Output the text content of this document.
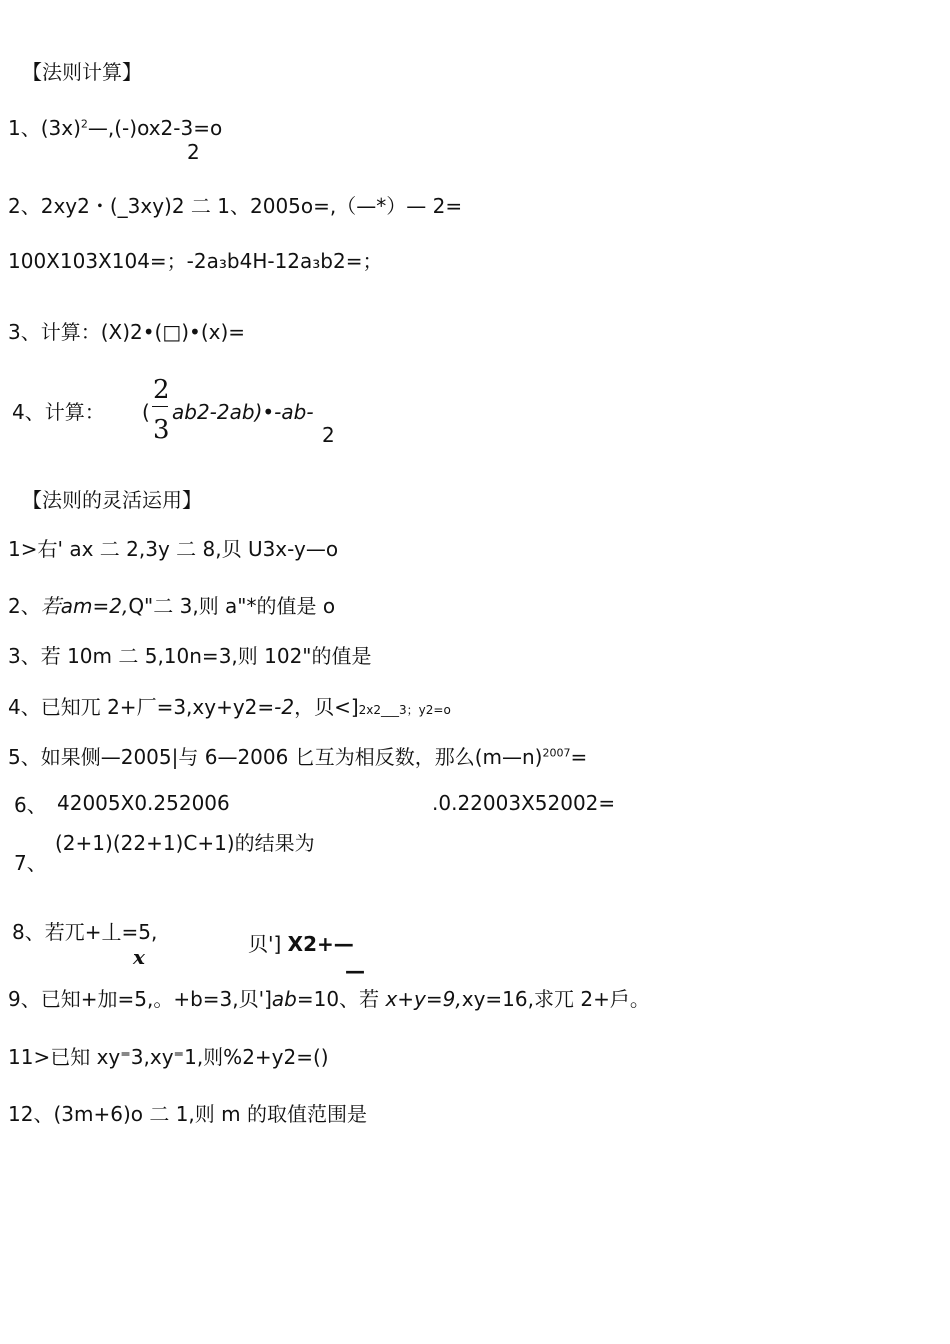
【法则计算】
1、$(3x)^2—,(-)ox2-3=o$
2
2、2xy2・(_3xy)2 二 1、2005o=,（—*）— 2=
100X103X104=；-2a₃b4H-12a₃b2=；
3、计算：(X)2•(□)•(x)=
4、计算： (
2
3
ab2-2ab)•-ab-
2
【法则的灵活运用】
1>右' ax 二 2,3y 二 8,贝 U3x-y—o
2、若am=2,Q"二 3,则 a"*的值是 o
3、若 10m 二 5,10n=3,则 102"的值是
4、已知兀 2+厂=3,xy+y2=-2，贝<]2x2___3；y2=o
5、如果侧—2005|与 6—2006 匕互为相反数，那么(m—n)$^{2007}$=
6、 42005X0.252006	.0.22003X52002=
7、
(2+1)(22+1)C+1)的结果为
8、若兀+丄=5,
x
贝'] X2+—
—
9、已知+加=5,。+b=3,贝']ab=10、若 x+y=9,xy=16,求兀 2+戶。
11>已知 xy⁼3,xy⁼1,则%2+y2=()
12、(3m+6)o 二 1,则 m 的取值范围是
